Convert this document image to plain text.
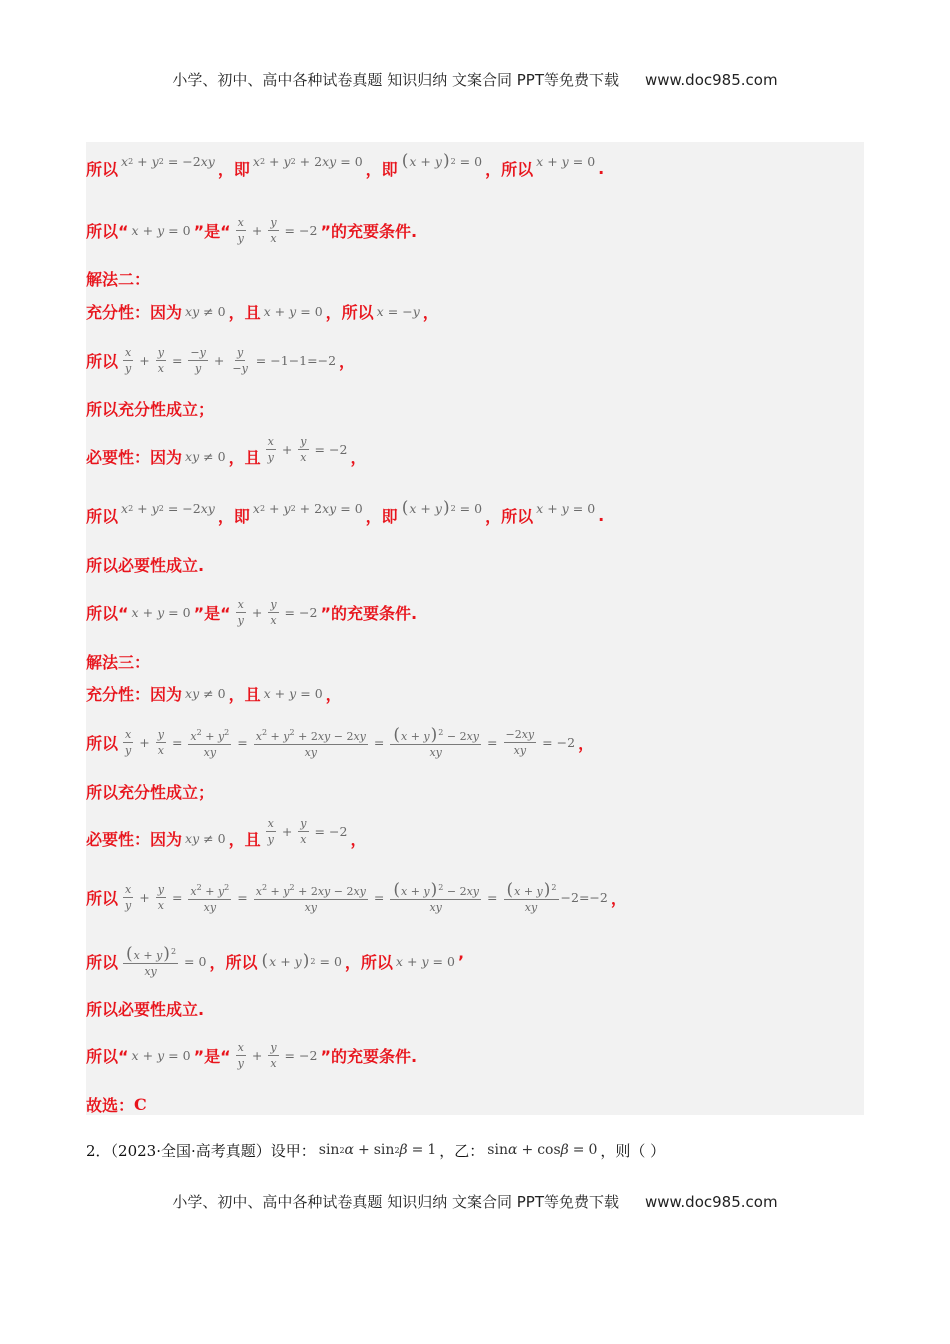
小学、初中、高中各种试卷真题 知识归纳 文案合同 PPT等免费下载 www.doc985.com
所以 x 2 + y 2 = −2 xy ，即 x 2 + y 2 + 2 xy = 0 ，即 ( x + y ) 2 = 0 ，所以 x + y = 0 .
所以“ x + y = 0 ”是“ $\frac{x}{y} + \frac{y}{x} = -2$ ”的充要条件.
解法二：
充分性：因为 xy ≠ 0 ，且 x + y = 0 ，所以 x = − y ，
所以 $\frac{x}{y} + \frac{y}{x} = \frac{-y}{y} + \frac{y}{-y} = -1-1=-2$ ，
所以充分性成立；
必要性：因为 xy ≠ 0 ，且 $\frac{x}{y} + \frac{y}{x} = -2$ ，
所以 x 2 + y 2 = −2 xy ，即 x 2 + y 2 + 2 xy = 0 ，即 ( x + y ) 2 = 0 ，所以 x + y = 0 .
所以必要性成立.
所以“ x + y = 0 ”是“ $\frac{x}{y} + \frac{y}{x} = -2$ ”的充要条件.
解法三：
充分性：因为 xy ≠ 0 ，且 x + y = 0 ，
所以 $\frac{x}{y} + \frac{y}{x} = \frac{x^2 + y^2}{xy} = \frac{x^2 + y^2 + 2xy - 2xy}{xy} = \frac{(x + y)^2 - 2xy}{xy} = \frac{-2xy}{xy} = -2$ ，
所以充分性成立；
必要性：因为 xy ≠ 0 ，且 $\frac{x}{y} + \frac{y}{x} = -2$ ，
所以 $\frac{x}{y} + \frac{y}{x} = \frac{x^2 + y^2}{xy} = \frac{x^2 + y^2 + 2xy - 2xy}{xy} = \frac{(x + y)^2 - 2xy}{xy} = \frac{(x + y)^2}{xy} -2=-2$ ，
所以 $\frac{(x + y)^2}{xy} = 0$ ，所以 ( x + y ) 2 = 0 ，所以 x + y = 0 ’
所以必要性成立.
所以“ x + y = 0 ”是“ $\frac{x}{y} + \frac{y}{x} = -2$ ”的充要条件.
故选： C
2．（2023·全国·高考真题）设甲： sin 2 α + sin 2 β = 1 ，乙： sin α + cos β = 0 ，则（ ）
小学、初中、高中各种试卷真题 知识归纳 文案合同 PPT等免费下载 www.doc985.com
